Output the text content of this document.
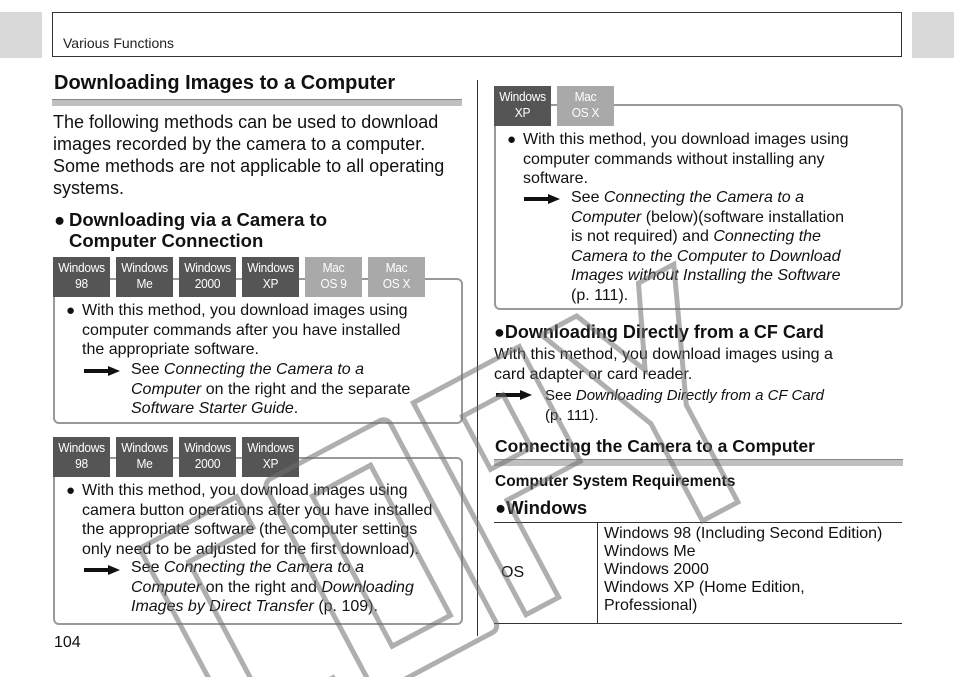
Various Functions
Downloading Images to a Computer
The following methods can be used to download images recorded by the camera to a computer. Some methods are not applicable to all operating systems.
● Downloading via a Camera to
Computer Connection
Windows
98
Windows
Me
Windows
2000
Windows
XP
Mac
OS 9
Mac
OS X
● With this method, you download images using
computer commands after you have installed
the appropriate software.
See Connecting the Camera to a
Computer on the right and the separate
Software Starter Guide.
Windows
98
Windows
Me
Windows
2000
Windows
XP
● With this method, you download images using
camera button operations after you have installed
the appropriate software (the computer settings
only need to be adjusted for the first download).
See Connecting the Camera to a
Computer on the right and Downloading
Images by Direct Transfer (p. 109).
104
Windows
XP
Mac
OS X
● With this method, you download images using
computer commands without installing any
software.
See Connecting the Camera to a
Computer (below)(software installation
is not required) and Connecting the
Camera to the Computer to Download
Images without Installing the Software
(p. 111).
●Downloading Directly from a CF Card
With this method, you download images using a
card adapter or card reader.
See Downloading Directly from a CF Card
(p. 111).
Connecting the Camera to a Computer
Computer System Requirements
●Windows
OS	
Windows 98 (Including Second Edition)
Windows Me
Windows 2000
Windows XP (Home Edition,
Professional)
